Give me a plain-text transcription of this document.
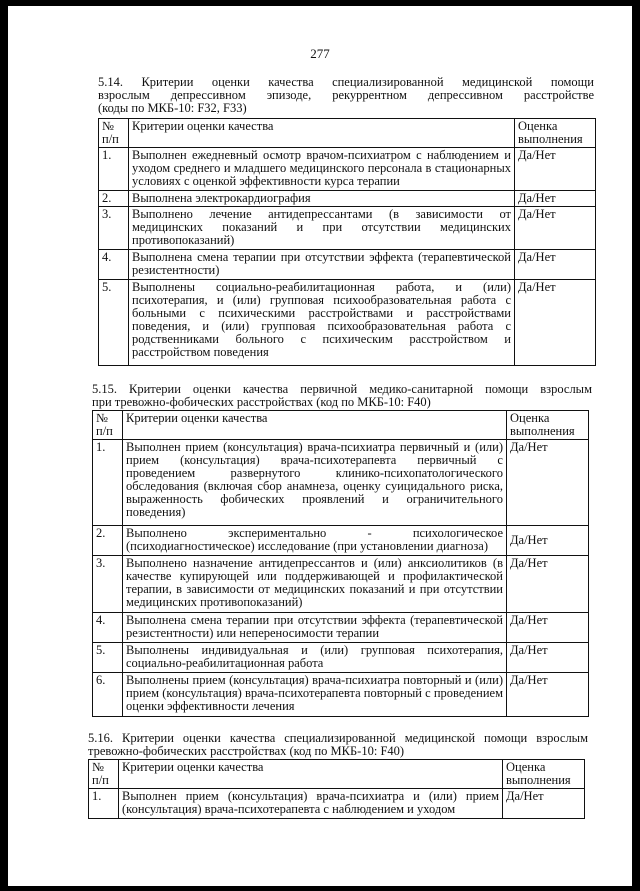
277
5.14. Критерии оценки качества специализированной медицинской помощи
взрослым депрессивном эпизоде, рекуррентном депрессивном расстройстве
(коды по МКБ-10: F32, F33)
№ п/п	Критерии оценки качества	Оценка выполнения
1.	Выполнен ежедневный осмотр врачом-психиатром с наблюдением и уходом среднего и младшего медицинского персонала в стационарных условиях с оценкой эффективности курса терапии	Да/Нет
2.	Выполнена электрокардиография	Да/Нет
3.	Выполнено лечение антидепрессантами (в зависимости от медицинских показаний и при отсутствии медицинских противопоказаний)	Да/Нет
4.	Выполнена смена терапии при отсутствии эффекта (терапевтической резистентности)	Да/Нет
5.	Выполнены социально-реабилитационная работа, и (или) психотерапия, и (или) групповая психообразовательная работа с больными с психическими расстройствами и расстройствами поведения, и (или) групповая психообразовательная работа с родственниками больного с психическим расстройством и расстройством поведения	Да/Нет
5.15. Критерии оценки качества первичной медико-санитарной помощи взрослым
при тревожно-фобических расстройствах (код по МКБ-10: F40)
№ п/п	Критерии оценки качества	Оценка выполнения
1.	Выполнен прием (консультация) врача-психиатра первичный и (или) прием (консультация) врача-психотерапевта первичный с проведением развернутого клинико-психопатологического обследования (включая сбор анамнеза, оценку суицидального риска, выраженность фобических проявлений и ограничительного поведения)	Да/Нет
2.	Выполнено экспериментально - психологическое (психодиагностическое) исследование (при установлении диагноза)	Да/Нет
3.	Выполнено назначение антидепрессантов и (или) анксиолитиков (в качестве купирующей или поддерживающей и профилактической терапии, в зависимости от медицинских показаний и при отсутствии медицинских противопоказаний)	Да/Нет
4.	Выполнена смена терапии при отсутствии эффекта (терапевтической резистентности) или непереносимости терапии	Да/Нет
5.	Выполнены индивидуальная и (или) групповая психотерапия, социально-реабилитационная работа	Да/Нет
6.	Выполнены прием (консультация) врача-психиатра повторный и (или) прием (консультация) врача-психотерапевта повторный с проведением оценки эффективности лечения	Да/Нет
5.16. Критерии оценки качества специализированной медицинской помощи взрослым
тревожно-фобических расстройствах (код по МКБ-10: F40)
№ п/п	Критерии оценки качества	Оценка выполнения
1.	Выполнен прием (консультация) врача-психиатра и (или) прием (консультация) врача-психотерапевта с наблюдением и уходом	Да/Нет
